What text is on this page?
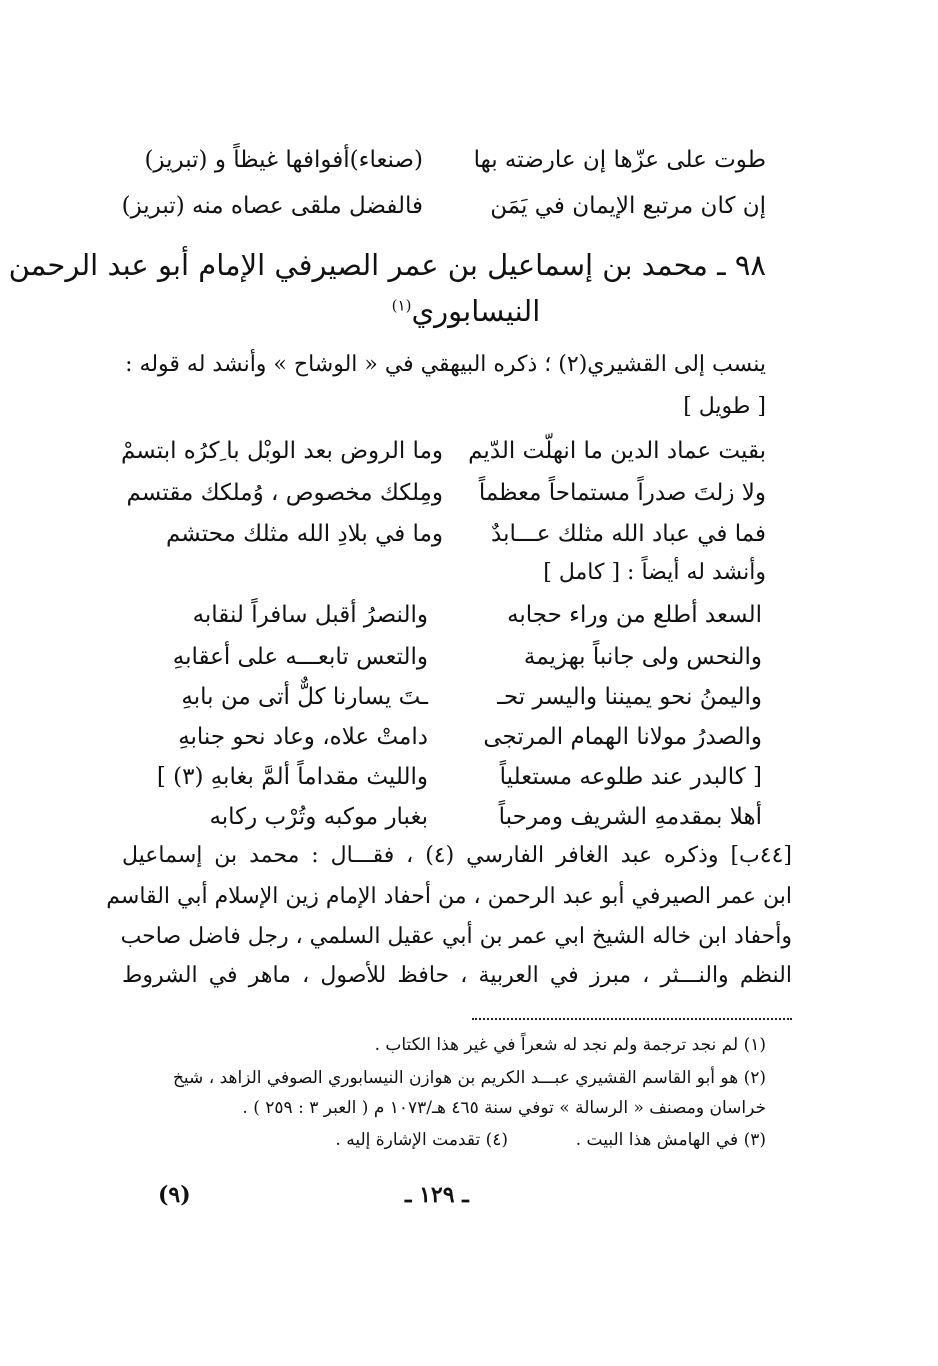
طوت على عزّها إن عارضته بها
(صنعاء)أفوافها غيظاً و (تبريز)
إن كان مرتبع الإيمان في يَمَن
فالفضل ملقى عصاه منه (تبريز)
٩٨ ـ محمد بن إسماعيل بن عمر الصيرفي الإمام أبو عبد الرحمن
النيسابوري$^{(١)}$
ينسب إلى القشيري(٢) ؛ ذكره البيهقي في « الوشاح » وأنشد له قوله :
[ طويل ]
بقيت عماد الدين ما انهلّت الدّيم
وما الروض بعد الوبْل با ِكرُه ابتسمْ
ولا زلتَ صدراً مستماحاً معظماً
ومِلكك مخصوص ، وُملكك مقتسم
فما في عباد الله مثلك عـــابدٌ
وما في بلادِ الله مثلك محتشم
وأنشد له أيضاً : [ كامل ]
السعد أطلع من وراء حجابه
والنصرُ أقبل سافراً لنقابه
والنحس ولى جانباً بهزيمة
والتعس تابعـــه على أعقابهِ
واليمنُ نحو يميننا واليسر تحـ
ـتَ يسارنا كلٌّ أتى من بابهِ
والصدرُ مولانا الهمام المرتجى
دامتْ علاه، وعاد نحو جنابهِ
[ كالبدر عند طلوعه مستعلياً
والليث مقداماً ألمَّ بغابهِ (٣) ]
أهلا بمقدمهِ الشريف ومرحباً
بغبار موكبه وتُرْب ركابه
[٤٤ب] وذكره عبد الغافر الفارسي (٤) ، فقـــال : محمد بن إسماعيل
ابن عمر الصيرفي أبو عبد الرحمن ، من أحفاد الإمام زين الإسلام أبي القاسم
وأحفاد ابن خاله الشيخ ابي عمر بن أبي عقيل السلمي ، رجل فاضل صاحب
النظم والنـــثر ، مبرز في العربية ، حافظ للأصول ، ماهر في الشروط
(١) لم نجد ترجمة ولم نجد له شعراً في غير هذا الكتاب .
(٢) هو أبو القاسم القشيري عبـــد الكريم بن هوازن النيسابوري الصوفي الزاهد ، شيخ
خراسان ومصنف « الرسالة » توفي سنة ٤٦٥ هـ/١٠٧٣ م ( العبر ٣ : ٢٥٩ ) .
(٣) في الهامش هذا البيت .
(٤) تقدمت الإشارة إليه .
ـ ١٢٩ ـ
(٩)
